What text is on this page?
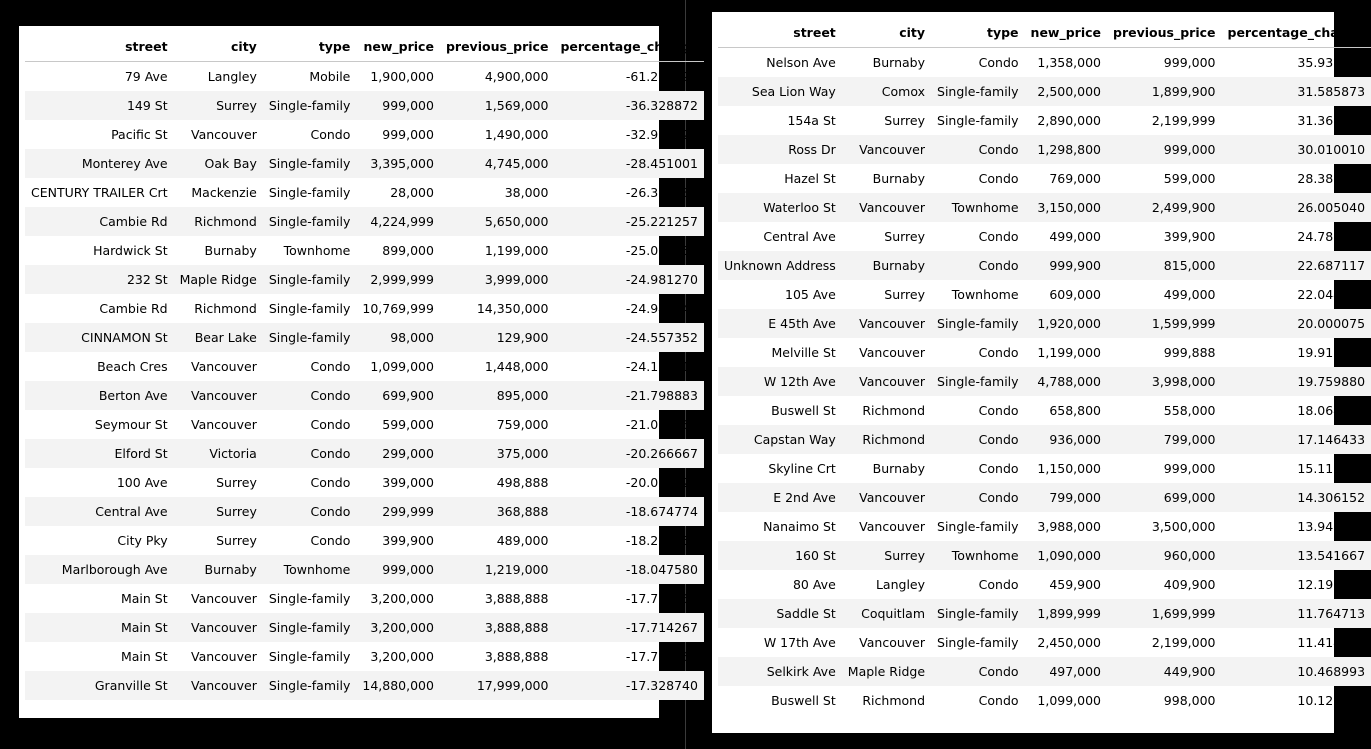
street	city	type	new_price	previous_price	percentage_change
79 Ave	Langley	Mobile	1,900,000	4,900,000	-61.224490
149 St	Surrey	Single-family	999,000	1,569,000	-36.328872
Pacific St	Vancouver	Condo	999,000	1,490,000	-32.953020
Monterey Ave	Oak Bay	Single-family	3,395,000	4,745,000	-28.451001
CENTURY TRAILER Crt	Mackenzie	Single-family	28,000	38,000	-26.315789
Cambie Rd	Richmond	Single-family	4,224,999	5,650,000	-25.221257
Hardwick St	Burnaby	Townhome	899,000	1,199,000	-25.020851
232 St	Maple Ridge	Single-family	2,999,999	3,999,000	-24.981270
Cambie Rd	Richmond	Single-family	10,769,999	14,350,000	-24.947742
CINNAMON St	Bear Lake	Single-family	98,000	129,900	-24.557352
Beach Cres	Vancouver	Condo	1,099,000	1,448,000	-24.102210
Berton Ave	Vancouver	Condo	699,900	895,000	-21.798883
Seymour St	Vancouver	Condo	599,000	759,000	-21.080369
Elford St	Victoria	Condo	299,000	375,000	-20.266667
100 Ave	Surrey	Condo	399,000	498,888	-20.022129
Central Ave	Surrey	Condo	299,999	368,888	-18.674774
City Pky	Surrey	Condo	399,900	489,000	-18.220859
Marlborough Ave	Burnaby	Townhome	999,000	1,219,000	-18.047580
Main St	Vancouver	Single-family	3,200,000	3,888,888	-17.714267
Main St	Vancouver	Single-family	3,200,000	3,888,888	-17.714267
Main St	Vancouver	Single-family	3,200,000	3,888,888	-17.714267
Granville St	Vancouver	Single-family	14,880,000	17,999,000	-17.328740
street	city	type	new_price	previous_price	percentage_change
Nelson Ave	Burnaby	Condo	1,358,000	999,000	35.935936
Sea Lion Way	Comox	Single-family	2,500,000	1,899,900	31.585873
154a St	Surrey	Single-family	2,890,000	2,199,999	31.363696
Ross Dr	Vancouver	Condo	1,298,800	999,000	30.010010
Hazel St	Burnaby	Condo	769,000	599,000	28.380634
Waterloo St	Vancouver	Townhome	3,150,000	2,499,900	26.005040
Central Ave	Surrey	Condo	499,000	399,900	24.781195
Unknown Address	Burnaby	Condo	999,900	815,000	22.687117
105 Ave	Surrey	Townhome	609,000	499,000	22.044088
E 45th Ave	Vancouver	Single-family	1,920,000	1,599,999	20.000075
Melville St	Vancouver	Condo	1,199,000	999,888	19.913430
W 12th Ave	Vancouver	Single-family	4,788,000	3,998,000	19.759880
Buswell St	Richmond	Condo	658,800	558,000	18.064516
Capstan Way	Richmond	Condo	936,000	799,000	17.146433
Skyline Crt	Burnaby	Condo	1,150,000	999,000	15.115115
E 2nd Ave	Vancouver	Condo	799,000	699,000	14.306152
Nanaimo St	Vancouver	Single-family	3,988,000	3,500,000	13.942857
160 St	Surrey	Townhome	1,090,000	960,000	13.541667
80 Ave	Langley	Condo	459,900	409,900	12.198097
Saddle St	Coquitlam	Single-family	1,899,999	1,699,999	11.764713
W 17th Ave	Vancouver	Single-family	2,450,000	2,199,000	11.414279
Selkirk Ave	Maple Ridge	Condo	497,000	449,900	10.468993
Buswell St	Richmond	Condo	1,099,000	998,000	10.120240
